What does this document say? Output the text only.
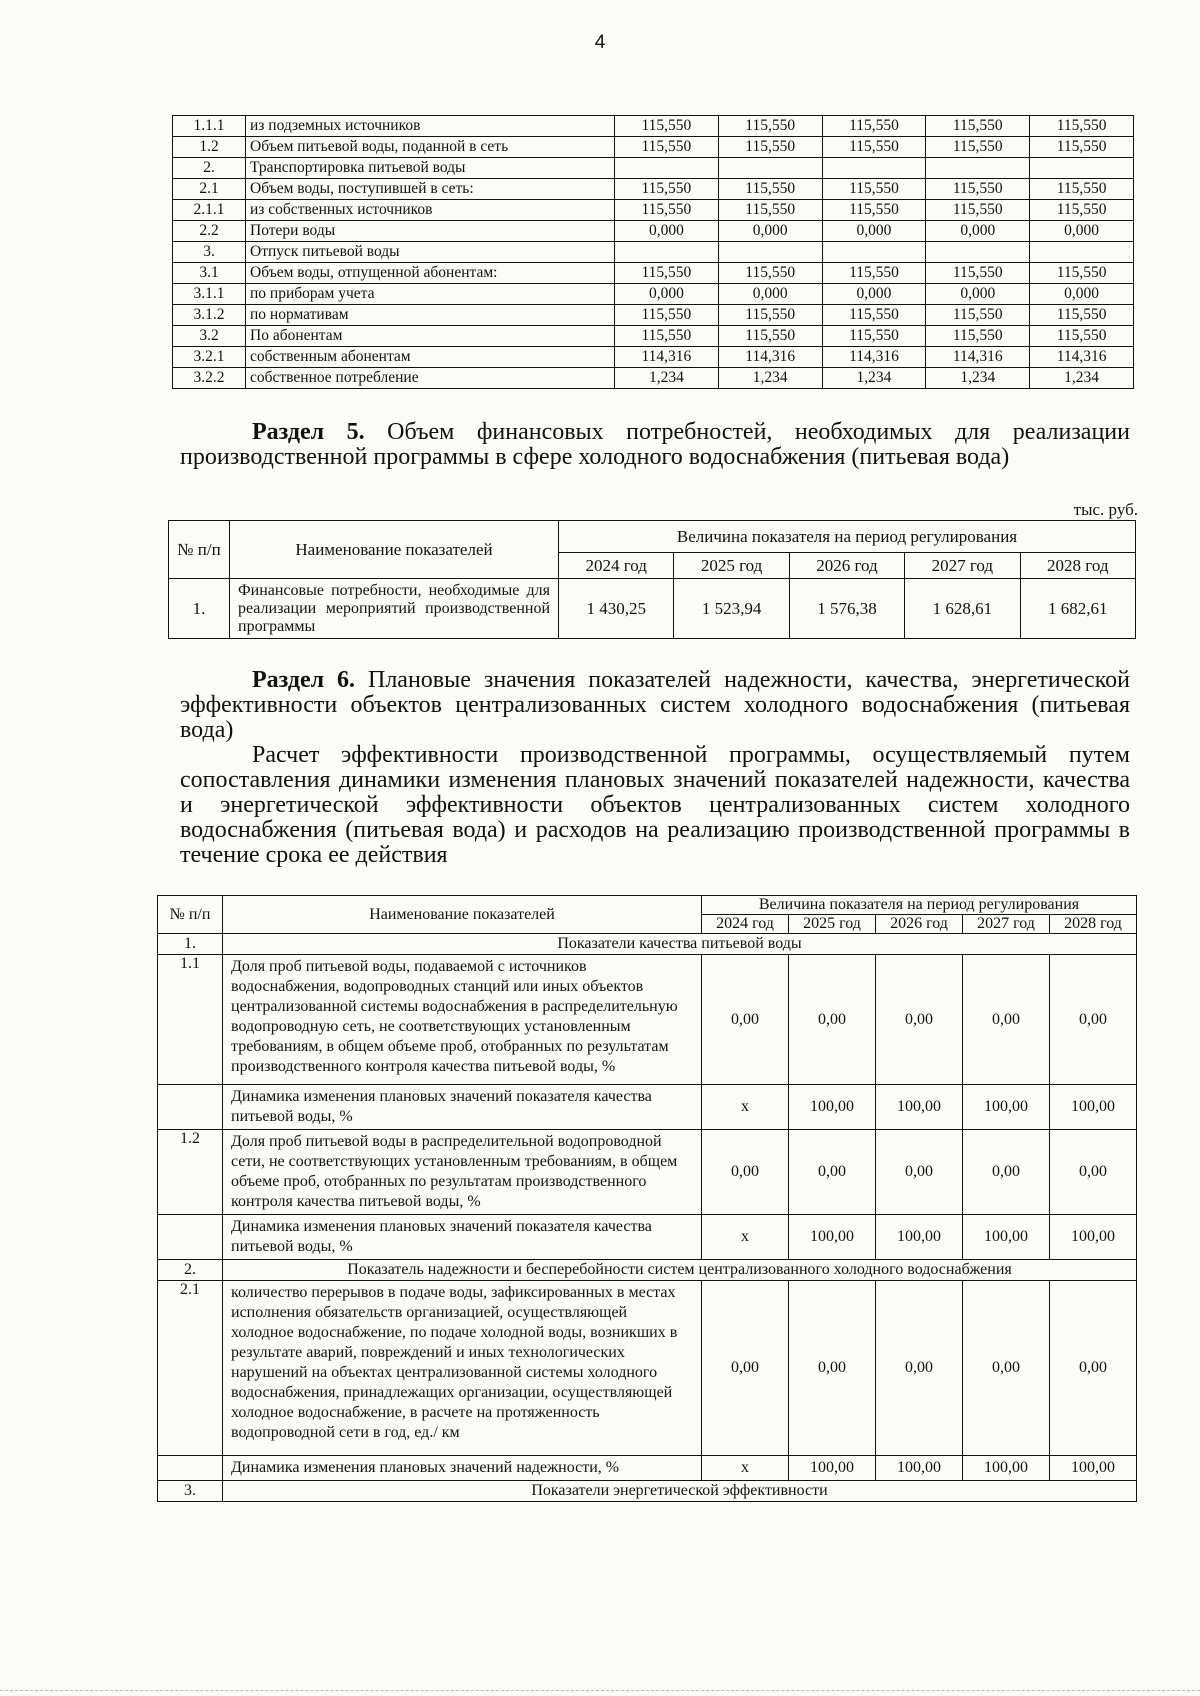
4
1.1.1	из подземных источников	115,550	115,550	115,550	115,550	115,550
1.2	Объем питьевой воды, поданной в сеть	115,550	115,550	115,550	115,550	115,550
2.	Транспортировка питьевой воды					
2.1	Объем воды, поступившей в сеть:	115,550	115,550	115,550	115,550	115,550
2.1.1	из собственных источников	115,550	115,550	115,550	115,550	115,550
2.2	Потери воды	0,000	0,000	0,000	0,000	0,000
3.	Отпуск питьевой воды					
3.1	Объем воды, отпущенной абонентам:	115,550	115,550	115,550	115,550	115,550
3.1.1	по приборам учета	0,000	0,000	0,000	0,000	0,000
3.1.2	по нормативам	115,550	115,550	115,550	115,550	115,550
3.2	По абонентам	115,550	115,550	115,550	115,550	115,550
3.2.1	собственным абонентам	114,316	114,316	114,316	114,316	114,316
3.2.2	собственное потребление	1,234	1,234	1,234	1,234	1,234
Раздел 5. Объем финансовых потребностей, необходимых для реализации производственной программы в сфере холодного водоснабжения (питьевая вода)
тыс. руб.
№ п/п	Наименование показателей	Величина показателя на период регулирования				
		2024 год	2025 год	2026 год	2027 год	2028 год
1.	Финансовые потребности, необходимые для реализации мероприятий производственной программы	1 430,25	1 523,94	1 576,38	1 628,61	1 682,61
Раздел 6. Плановые значения показателей надежности, качества, энергетической эффективности объектов централизованных систем холодного водоснабжения (питьевая вода)
Расчет эффективности производственной программы, осуществляемый путем сопоставления динамики изменения плановых значений показателей надежности, качества и энергетической эффективности объектов централизованных систем холодного водоснабжения (питьевая вода) и расходов на реализацию производственной программы в течение срока ее действия
№ п/п	Наименование показателей	Величина показателя на период регулирования				
		2024 год	2025 год	2026 год	2027 год	2028 год
1.	Показатели качества питьевой воды					
1.1	Доля проб питьевой воды, подаваемой с источников водоснабжения, водопроводных станций или иных объектов централизованной системы водоснабжения в распределительную водопроводную сеть, не соответствующих установленным требованиям, в общем объеме проб, отобранных по результатам производственного контроля качества питьевой воды, %	0,00	0,00	0,00	0,00	0,00
	Динамика изменения плановых значений показателя качества питьевой воды, %	х	100,00	100,00	100,00	100,00
1.2	Доля проб питьевой воды в распределительной водопроводной сети, не соответствующих установленным требованиям, в общем объеме проб, отобранных по результатам производственного контроля качества питьевой воды, %	0,00	0,00	0,00	0,00	0,00
	Динамика изменения плановых значений показателя качества питьевой воды, %	х	100,00	100,00	100,00	100,00
2.	Показатель надежности и бесперебойности систем централизованного холодного водоснабжения					
2.1	количество перерывов в подаче воды, зафиксированных в местах исполнения обязательств организацией, осуществляющей холодное водоснабжение, по подаче холодной воды, возникших в результате аварий, повреждений и иных технологических нарушений на объектах централизованной системы холодного водоснабжения, принадлежащих организации, осуществляющей холодное водоснабжение, в расчете на протяженность водопроводной сети в год, ед./ км	0,00	0,00	0,00	0,00	0,00
	Динамика изменения плановых значений надежности, %	х	100,00	100,00	100,00	100,00
3.	Показатели энергетической эффективности					
